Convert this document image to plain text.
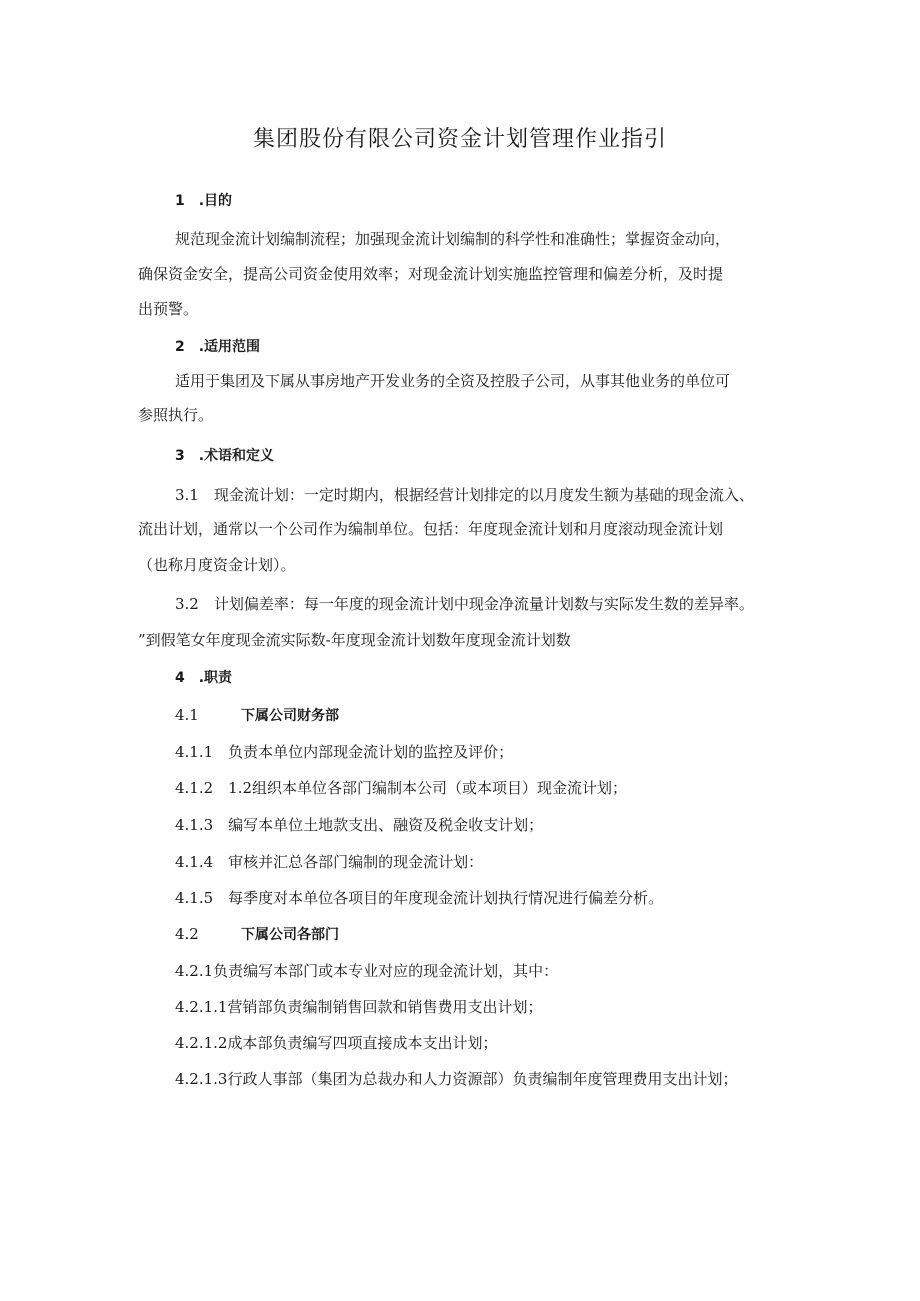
集团股份有限公司资金计划管理作业指引
1　.目的
规范现金流计划编制流程；加强现金流计划编制的科学性和准确性；掌握资金动向，
确保资金安全，提高公司资金使用效率；对现金流计划实施监控管理和偏差分析，及时提
出预警。
2　.适用范围
适用于集团及下属从事房地产开发业务的全资及控股子公司，从事其他业务的单位可
参照执行。
3　.术语和定义
3.1　现金流计划：一定时期内，根据经营计划排定的以月度发生额为基础的现金流入、
流出计划，通常以一个公司作为编制单位。包括：年度现金流计划和月度滚动现金流计划
（也称月度资金计划）。
3.2　计划偏差率：每一年度的现金流计划中现金净流量计划数与实际发生数的差异率。
”到假笔女年度现金流实际数-年度现金流计划数年度现金流计划数
4　.职责
4.1	下属公司财务部
4.1.1　负责本单位内部现金流计划的监控及评价；
4.1.2　1.2组织本单位各部门编制本公司（或本项目）现金流计划；
4.1.3　编写本单位土地款支出、融资及税金收支计划；
4.1.4　审核并汇总各部门编制的现金流计划：
4.1.5　每季度对本单位各项目的年度现金流计划执行情况进行偏差分析。
4.2	下属公司各部门
4.2.1负责编写本部门或本专业对应的现金流计划，其中：
4.2.1.1营销部负责编制销售回款和销售费用支出计划；
4.2.1.2成本部负责编写四项直接成本支出计划；
4.2.1.3行政人事部（集团为总裁办和人力资源部）负责编制年度管理费用支出计划；
